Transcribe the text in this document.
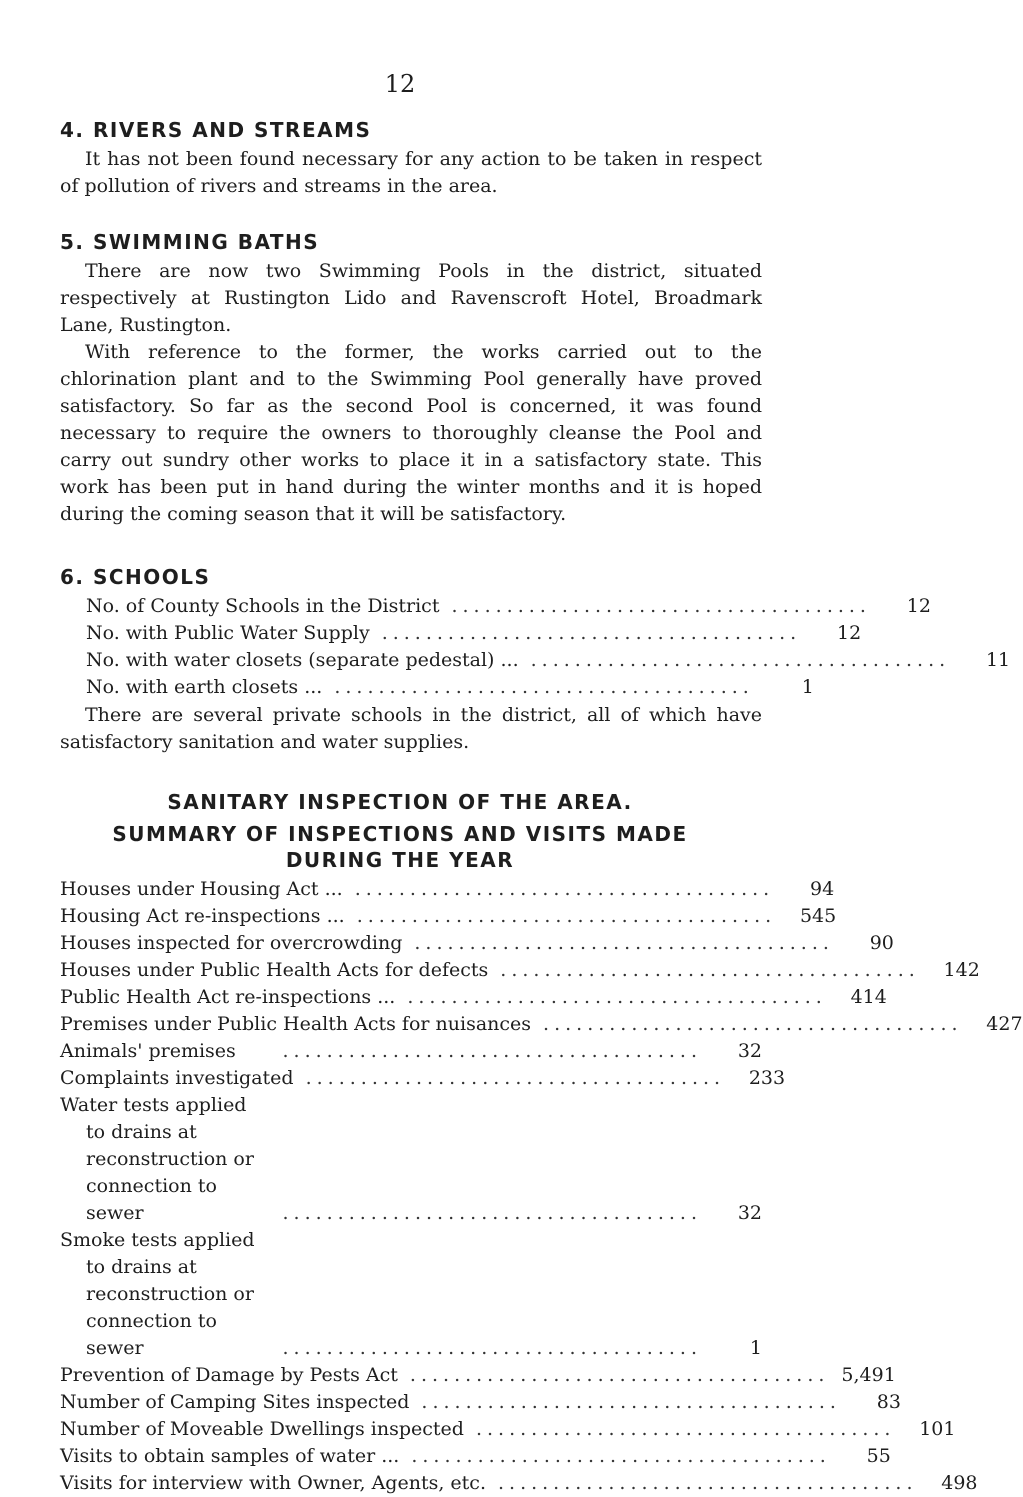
12
4. RIVERS AND STREAMS

It has not been found necessary for any action to be taken in respect of pollution of rivers and streams in the area.

5. SWIMMING BATHS

There are now two Swimming Pools in the district, situated respectively at Rustington Lido and Ravenscroft Hotel, Broadmark Lane, Rustington.

With reference to the former, the works carried out to the chlorination plant and to the Swimming Pool generally have proved satisfactory. So far as the second Pool is concerned, it was found necessary to require the owners to thoroughly cleanse the Pool and carry out sundry other works to place it in a satisfactory state. This work has been put in hand during the winter months and it is hoped during the coming season that it will be satisfactory.

6. SCHOOLS
No. of County Schools in the District ......................................	12
No. with Public Water Supply ......................................	12
No. with water closets (separate pedestal) ... ......................................	11
No. with earth closets ... ......................................	1

There are several private schools in the district, all of which have satisfactory sanitation and water supplies.

SANITARY INSPECTION OF THE AREA.
SUMMARY OF INSPECTIONS AND VISITS MADE
DURING THE YEAR
Houses under Housing Act ... ......................................	94
Housing Act re-inspections ... ......................................	545
Houses inspected for overcrowding ......................................	90
Houses under Public Health Acts for defects ......................................	142
Public Health Act re-inspections ... ......................................	414
Premises under Public Health Acts for nuisances ......................................	427
Animals' premises	......................................	32
Complaints investigated ......................................	233
Water tests applied to drains at reconstruction or connection to sewer	......................................	32
Smoke tests applied to drains at reconstruction or connection to sewer	......................................	1
Prevention of Damage by Pests Act ...................................... 5,491
Number of Camping Sites inspected ......................................	83
Number of Moveable Dwellings inspected ......................................	101
Visits to obtain samples of water ... ......................................	55
Visits for interview with Owner, Agents, etc. ......................................	498
